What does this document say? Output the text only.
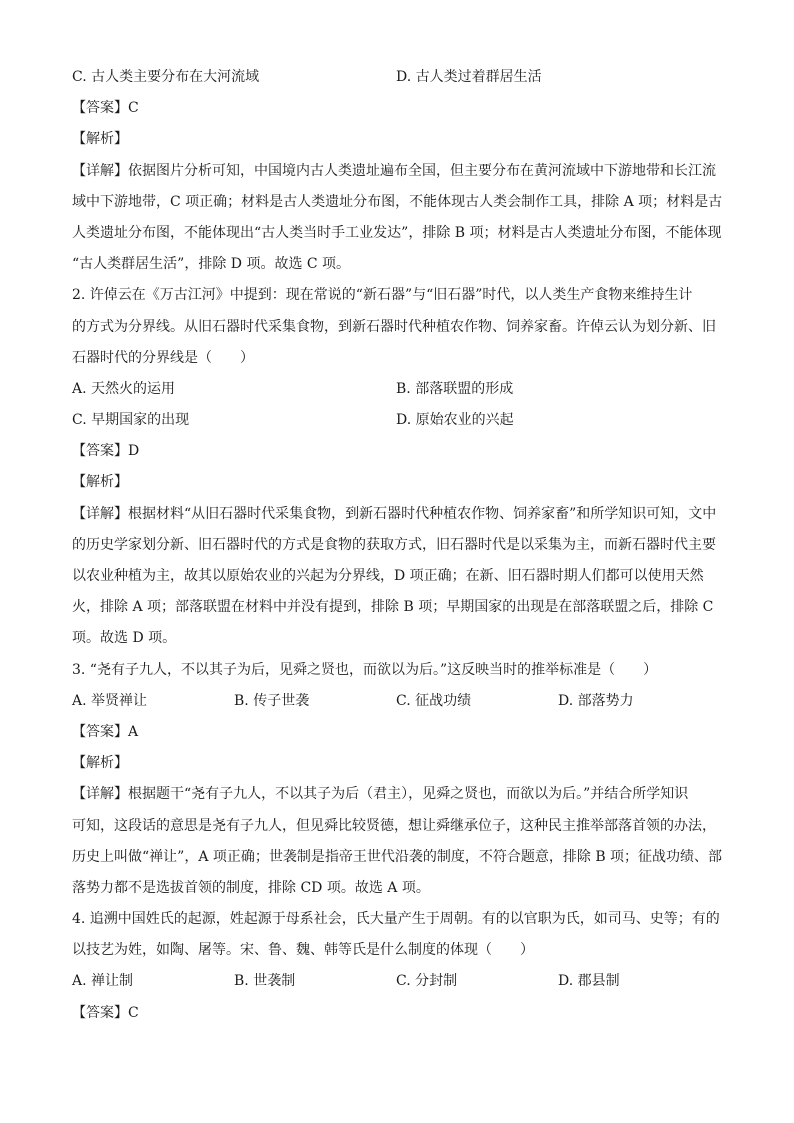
C. 古人类主要分布在大河流域	D. 古人类过着群居生活
【答案】C
【解析】
【详解】依据图片分析可知，中国境内古人类遗址遍布全国，但主要分布在黄河流域中下游地带和长江流
域中下游地带，C 项正确；材料是古人类遗址分布图，不能体现古人类会制作工具，排除 A 项；材料是古
人类遗址分布图，不能体现出“古人类当时手工业发达”，排除 B 项；材料是古人类遗址分布图，不能体现
“古人类群居生活”，排除 D 项。故选 C 项。
2. 许倬云在《万古江河》中提到：现在常说的“新石器”与“旧石器”时代，以人类生产食物来维持生计
的方式为分界线。从旧石器时代采集食物，到新石器时代种植农作物、饲养家畜。许倬云认为划分新、旧
石器时代的分界线是（　　）
A. 天然火的运用	B. 部落联盟的形成
C. 早期国家的出现	D. 原始农业的兴起
【答案】D
【解析】
【详解】根据材料“从旧石器时代采集食物，到新石器时代种植农作物、饲养家畜”和所学知识可知，文中
的历史学家划分新、旧石器时代的方式是食物的获取方式，旧石器时代是以采集为主，而新石器时代主要
以农业种植为主，故其以原始农业的兴起为分界线，D 项正确；在新、旧石器时期人们都可以使用天然
火，排除 A 项；部落联盟在材料中并没有提到，排除 B 项；早期国家的出现是在部落联盟之后，排除 C
项。故选 D 项。
3. “尧有子九人，不以其子为后，见舜之贤也，而欲以为后。”这反映当时的推举标准是（　　）
A. 举贤禅让	B. 传子世袭	C. 征战功绩	D. 部落势力
【答案】A
【解析】
【详解】根据题干“尧有子九人，不以其子为后（君主），见舜之贤也，而欲以为后。”并结合所学知识
可知，这段话的意思是尧有子九人，但见舜比较贤德，想让舜继承位子，这种民主推举部落首领的办法，
历史上叫做“禅让”，A 项正确；世袭制是指帝王世代沿袭的制度，不符合题意，排除 B 项；征战功绩、部
落势力都不是选拔首领的制度，排除 CD 项。故选 A 项。
4. 追溯中国姓氏的起源，姓起源于母系社会，氏大量产生于周朝。有的以官职为氏，如司马、史等；有的
以技艺为姓，如陶、屠等。宋、鲁、魏、韩等氏是什么制度的体现（　　）
A. 禅让制	B. 世袭制	C. 分封制	D. 郡县制
【答案】C
